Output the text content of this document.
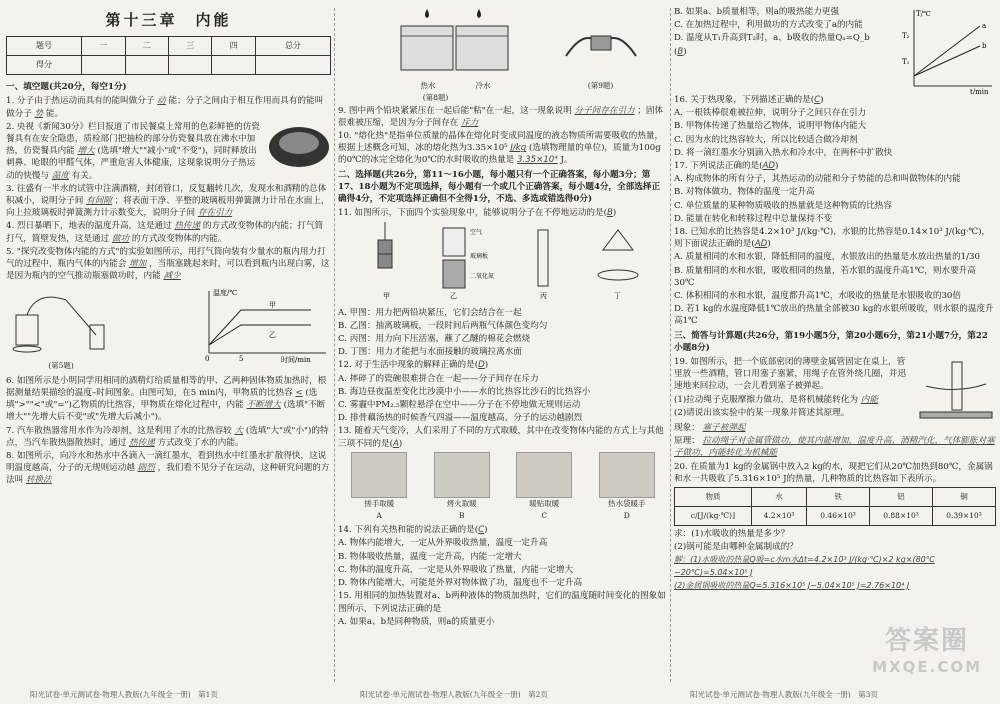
第十三章　内能
题号	一	二	三	四	总分
得分					
一、填空题(共20分，每空1分)

1. 分子由于热运动而具有的能叫做分子 动 能；分子之间由于相互作用而具有的能叫做分子 势 能。

2. 央视《新闻30分》栏目报道了市民餐桌上常用的色彩鲜艳的仿瓷餐具有在安全隐患，质检部门把抽检的部分仿瓷餐具放在沸水中加热，仿瓷餐具内能 增大 (选填"增大""减小"或"不变")，同时释放出刺鼻、呛眼的甲醛气体，严重危害人体健康，这现象说明分子热运动的快慢与 温度 有关。

3. 往盛有一半水的试管中注满酒精，封闭管口，反复翻转几次，发现水和酒精的总体积减小，说明分子间 有间隙 ；将表面干净、平整的玻璃板用弹簧测力计吊在水面上，向上拉玻璃板时弹簧测力计示数变大，说明分子间 存在引力

4. 烈日暴晒下，地表的温度升高，这是通过 热传递 的方式改变物体的内能；打气筒打气，简壁发热，这是通过 做功 的方式改变物体的内能。

5. "探究改变物体内能的方式"的实验如图所示，用打气筒向装有少量水的瓶内用力打气的过程中，瓶内气体的内能会 增加 ，当瓶塞跳起来时，可以看到瓶内出现白雾，这是因为瓶内的空气推动瓶塞做功时，内能 减少

(第5题)
温度/℃
时间/min
0	5
甲
乙

6. 如图所示是小明同学用相同的酒精灯给质量相等的甲、乙两种固体物质加热时，根据测量结果描绘的温度–时间图象。由图可知，在5 min内，甲物质的比热容 < (选填">""<"或"=")乙物质的比热容，甲物质在熔化过程中，内能 不断增大 (选填"不断增大""先增大后不变"或"先增大后减小")。

7. 汽车散热器常用水作为冷却剂，这是利用了水的比热容较 大 (选填"大"或"小")的特点，当汽车散热器散热时，通过 热传递 方式改变了水的内能。

8. 如图所示，向冷水和热水中各滴入一滴红墨水，看到热水中红墨水扩散得快，这说明温度越高，分子的无规则运动越 剧烈 ，我们看不见分子在运动，这种研究问题的方法叫 转换法

热水	冷水
(第8题)
(第9题)

9. 图中两个铅块紧紧压在一起后能"粘"在一起，这一现象说明 分子间存在引力 ；固体很难被压缩，是因为分子间存在 斥力

10. "熔化热"是指单位质量的晶体在熔化时变成同温度的液态物质所需要吸收的热量，根据上述概念可知，冰的熔化热为3.35×10⁵ J/kg (选填物理量的单位)，质量为100g的0℃的冰完全熔化为0℃的水时吸收的热量是 3.35×10⁴ J。

二、选择题(共26分，第11～16小题，每小题只有一个正确答案，每小题3分；第17、18小题为不定项选择，每小题有一个或几个正确答案，每小题4分，全部选择正确得4分，不定项选择正确但不全得1分，不选、多选或错选得0分)

11. 如图所示，下面四个实验现象中，能够说明分子在不停地运动的是(B)

空气
玻璃板
二氧化氮
甲	乙	丙	丁

A. 甲图：用力把两铅块紧压，它们会结合在一起

B. 乙图：抽离玻璃板，一段时间后两瓶气体颜色变均匀

C. 丙图：用力向下压活塞，蘸了乙醚的棉花会燃烧

D. 丁图：用力才能把与水面接触的玻璃拉离水面

12. 对于生活中现象的解释正确的是(D)

A. 摔碎了的瓷碗很难拼合在一起——分子间存在斥力

B. 海边昼夜温差变化比沙漠中小——水的比热容比沙石的比热容小

C. 雾霾中PM₂.₅颗粒悬浮在空中——分子在不停地做无规则运动

D. 排骨藕汤热的时候香气四溢——温度越高，分子的运动越剧烈

13. 随着天气变冷，人们采用了不同的方式取暖，其中在改变物体内能的方式上与其他三项不同的是(A)

搓手取暖
A
烤火取暖
B
暖贴取暖
C
热水袋暖手
D

14. 下列有关热和能的说法正确的是(C)

A. 物体内能增大，一定从外界吸收热量，温度一定升高

B. 物体吸收热量，温度一定升高，内能一定增大

C. 物体的温度升高，一定是从外界吸收了热量，内能一定增大

D. 物体内能增大，可能是外界对物体做了功，温度也不一定升高

15. 用相同的加热装置对a、b两种液体的物质加热时，它们的温度随时间变化的图象如图所示，下列说法正确的是

A. 如果a、b是同种物质，则a的质量更小

B. 如果a、b质量相等，则a的吸热能力更强

C. 在加热过程中，利用做功的方式改变了a的内能

D. 温度从T₁升高到T₂时，a、b吸收的热量Qₐ=Q_b

(B)

T/℃
t/min
T₂
T₁
a
b

16. 关于热现象，下列描述正确的是(C)

A. 一根铁棒很难被拉伸，说明分子之间只存在引力

B. 甲物体传递了热量给乙物体，说明甲物体内能大

C. 因为水的比热容较大，所以比较适合做冷却剂

D. 将一滴红墨水分别滴入热水和冷水中，在两杯中扩散快

17. 下列说法正确的是(AD)

A. 构成物体的所有分子，其热运动的动能和分子势能的总和叫做物体的内能

B. 对物体做功，物体的温度一定升高

C. 单位质量的某种物质吸收的热量就是这种物质的比热容

D. 能量在转化和转移过程中总量保持不变

18. 已知水的比热容是4.2×10³ J/(kg·℃)，水银的比热容是0.14×10³ J/(kg·℃)，则下面说法正确的是(AD)

A. 质量相同的水和水银，降低相同的温度，水银放出的热量是水放出热量的1/30

B. 质量相同的水和水银，吸收相同的热量，若水银的温度升高1℃，则水要升高30℃

C. 体积相同的水和水银，温度都升高1℃，水吸收的热量是水银吸收的30倍

D. 若1 kg的水温度降低1℃放出的热量全部被30 kg的水银所吸收，则水银的温度升高1℃

三、简答与计算题(共26分，第19小题5分，第20小题6分，第21小题7分，第22小题8分)

19. 如图所示，把一个底部密闭的薄壁金属管固定在桌上，管里放一些酒精，管口用塞子塞紧，用绳子在管外绕几圈，并迅速地来回拉动，一会儿看到塞子被弹起。

(1)拉动绳子克服摩擦力做功，是将机械能转化为 内能

(2)请说出该实验中的某一现象并简述其原理。

现象： 塞子被弹起

原理： 拉动绳子对金属管做功，使其内能增加，温度升高，酒精汽化，气体膨胀对塞子做功，内能转化为机械能

20. 在质量为1 kg的金属锅中放入2 kg的水，现把它们从20℃加热到80℃，金属锅和水一共吸收了5.316×10⁵ J的热量，几种物质的比热容如下表所示。

物质	水	铁	铝	铜
c/[J/(kg·℃)]	4.2×10³	0.46×10³	0.88×10³	0.39×10³

求：(1)水吸收的热量是多少？

(2)锅可能是由哪种金属制成的？

解：(1)水吸收的热量Q吸=c水m水Δt=4.2×10³ J/(kg·℃)×2 kg×(80℃−20℃)=5.04×10⁵ J

(2)金属锅吸收的热量Q=5.316×10⁵ J−5.04×10⁵ J=2.76×10⁴ J

答案圈
MXQE.COM
阳光试卷·单元测试卷·物理人教版(九年级全一册)　第1页	阳光试卷·单元测试卷·物理人教版(九年级全一册)　第2页	阳光试卷·单元测试卷·物理人教版(九年级全一册)　第3页
